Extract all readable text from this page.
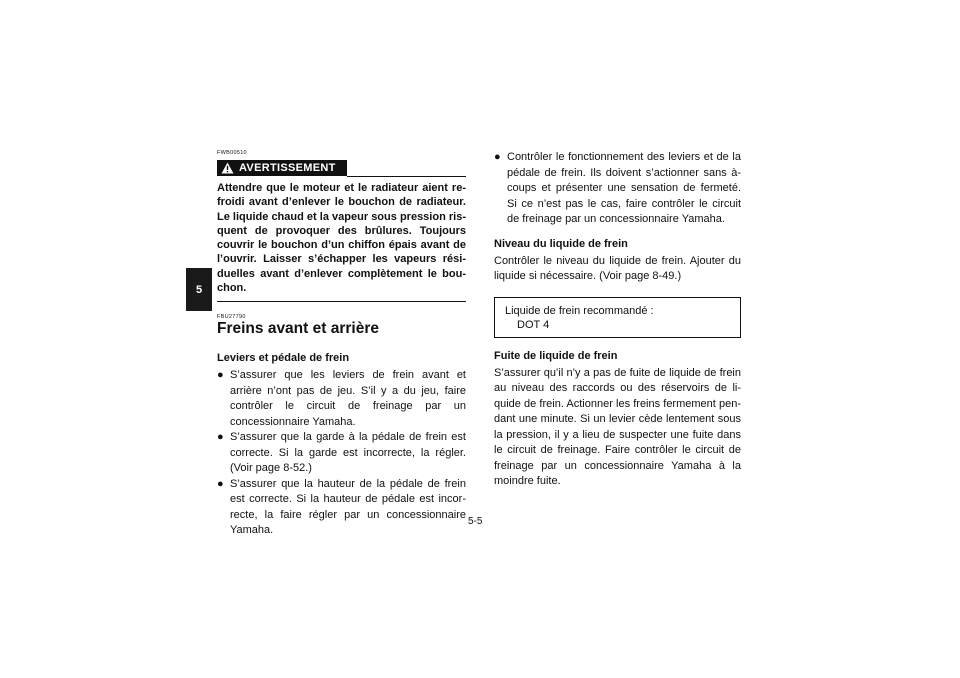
5
FWB00510
AVERTISSEMENT

Attendre que le moteur et le radiateur aient re-froidi avant d’enlever le bouchon de radiateur. Le liquide chaud et la vapeur sous pression ris-quent de provoquer des brûlures. Toujours couvrir le bouchon d’un chiffon épais avant de l’ouvrir. Laisser s’échapper les vapeurs rési-duelles avant d’enlever complètement le bou-chon.

FBU27790
Freins avant et arrière
Leviers et pédale de frein
● S’assurer que les leviers de frein avant et arrière n’ont pas de jeu. S’il y a du jeu, faire contrôler le circuit de freinage par un concessionnaire Yamaha.
● S’assurer que la garde à la pédale de frein est correcte. Si la garde est incorrecte, la régler. (Voir page 8-52.)
● S’assurer que la hauteur de la pédale de frein est correcte. Si la hauteur de pédale est incor-recte, la faire régler par un concessionnaire Yamaha.
● Contrôler le fonctionnement des leviers et de la pédale de frein. Ils doivent s’actionner sans à-coups et présenter une sensation de fermeté. Si ce n’est pas le cas, faire contrôler le circuit de freinage par un concessionnaire Yamaha.
Niveau du liquide de frein

Contrôler le niveau du liquide de frein. Ajouter du liquide si nécessaire. (Voir page 8-49.)

Liquide de frein recommandé :
DOT 4
Fuite de liquide de frein

S’assurer qu’il n’y a pas de fuite de liquide de frein au niveau des raccords ou des réservoirs de li-quide de frein. Actionner les freins fermement pen-dant une minute. Si un levier cède lentement sous la pression, il y a lieu de suspecter une fuite dans le circuit de freinage. Faire contrôler le circuit de freinage par un concessionnaire Yamaha à la moindre fuite.

5-5
